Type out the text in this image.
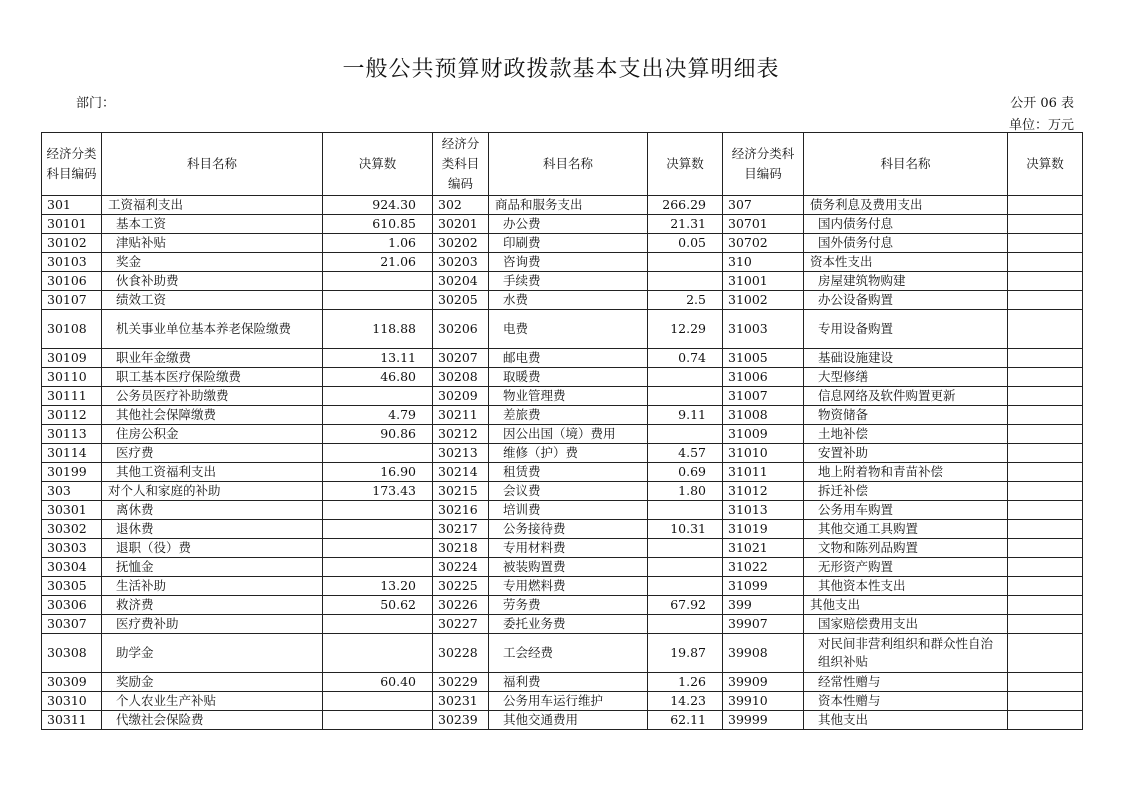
一般公共预算财政拨款基本支出决算明细表
部门：	公开 06 表
单位：万元
经济分类科目编码	科目名称	决算数	经济分类科目编码	科目名称	决算数	经济分类科目编码	科目名称	决算数
301	工资福利支出	924.30	302	商品和服务支出	266.29	307	债务利息及费用支出	
30101	基本工资	610.85	30201	办公费	21.31	30701	国内债务付息	
30102	津贴补贴	1.06	30202	印刷费	0.05	30702	国外债务付息	
30103	奖金	21.06	30203	咨询费		310	资本性支出	
30106	伙食补助费		30204	手续费		31001	房屋建筑物购建	
30107	绩效工资		30205	水费	2.5	31002	办公设备购置	
30108	机关事业单位基本养老保险缴费	118.88	30206	电费	12.29	31003	专用设备购置	
30109	职业年金缴费	13.11	30207	邮电费	0.74	31005	基础设施建设	
30110	职工基本医疗保险缴费	46.80	30208	取暖费		31006	大型修缮	
30111	公务员医疗补助缴费		30209	物业管理费		31007	信息网络及软件购置更新	
30112	其他社会保障缴费	4.79	30211	差旅费	9.11	31008	物资储备	
30113	住房公积金	90.86	30212	因公出国（境）费用		31009	土地补偿	
30114	医疗费		30213	维修（护）费	4.57	31010	安置补助	
30199	其他工资福利支出	16.90	30214	租赁费	0.69	31011	地上附着物和青苗补偿	
303	对个人和家庭的补助	173.43	30215	会议费	1.80	31012	拆迁补偿	
30301	离休费		30216	培训费		31013	公务用车购置	
30302	退休费		30217	公务接待费	10.31	31019	其他交通工具购置	
30303	退职（役）费		30218	专用材料费		31021	文物和陈列品购置	
30304	抚恤金		30224	被装购置费		31022	无形资产购置	
30305	生活补助	13.20	30225	专用燃料费		31099	其他资本性支出	
30306	救济费	50.62	30226	劳务费	67.92	399	其他支出	
30307	医疗费补助		30227	委托业务费		39907	国家赔偿费用支出	
30308	助学金		30228	工会经费	19.87	39908	对民间非营利组织和群众性自治组织补贴	
30309	奖励金	60.40	30229	福利费	1.26	39909	经常性赠与	
30310	个人农业生产补贴		30231	公务用车运行维护	14.23	39910	资本性赠与	
30311	代缴社会保险费		30239	其他交通费用	62.11	39999	其他支出	
